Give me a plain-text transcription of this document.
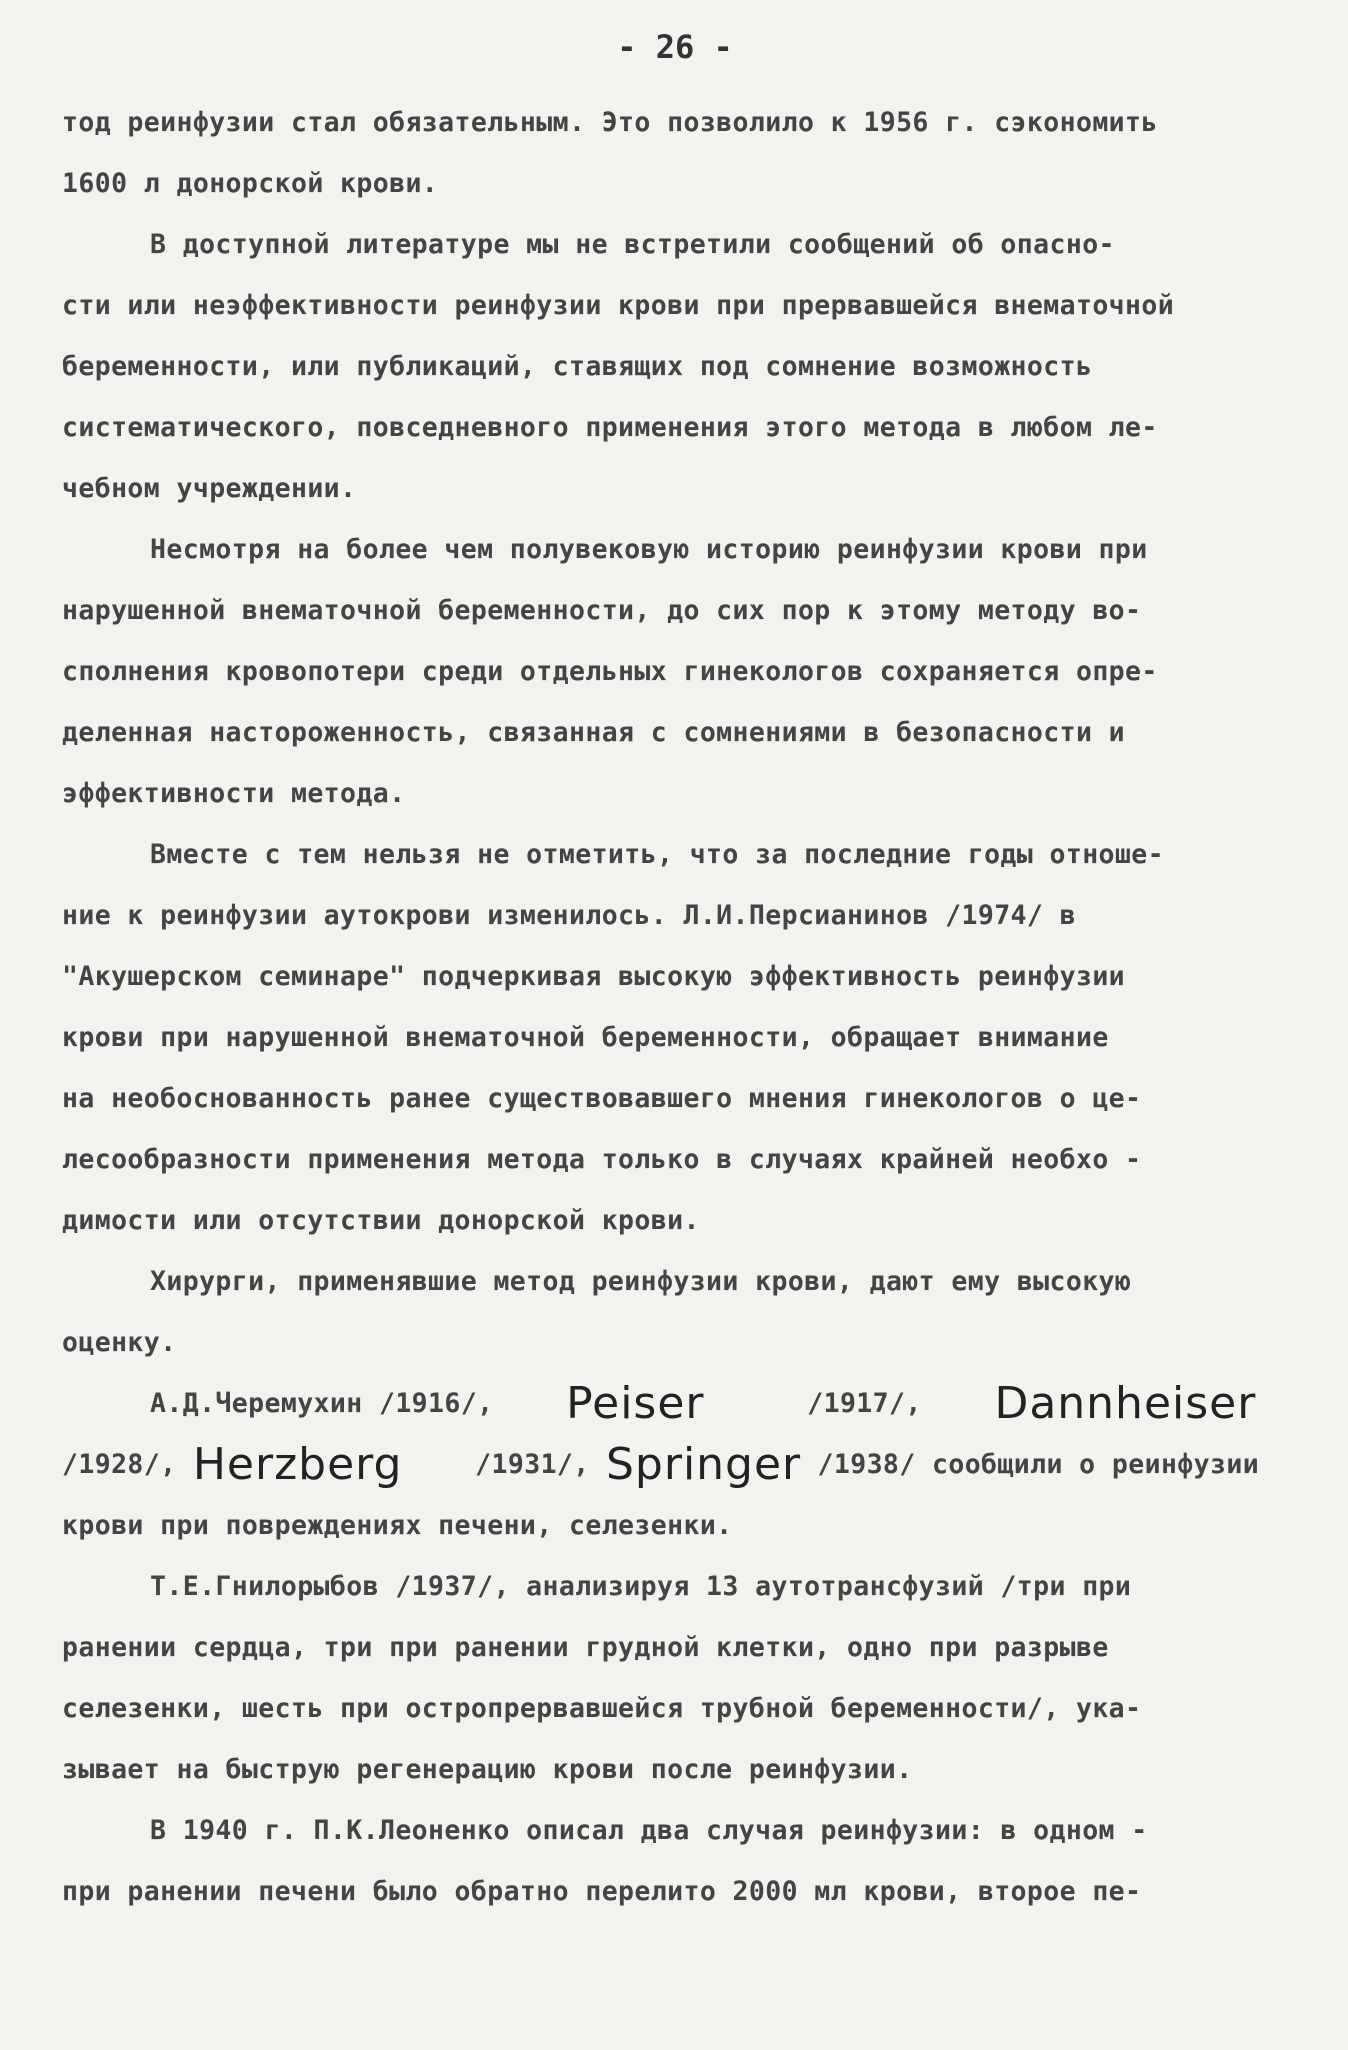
- 26 -
тод реинфузии стал обязательным. Это позволило к 1956 г. сэкономить
1600 л донорской крови.
В доступной литературе мы не встретили сообщений об опасно-
сти или неэффективности реинфузии крови при прервавшейся внематочной
беременности, или публикаций, ставящих под сомнение возможность
систематического, повседневного применения этого метода в любом ле-
чебном учреждении.
Несмотря на более чем полувековую историю реинфузии крови при
нарушенной внематочной беременности, до сих пор к этому методу во-
сполнения кровопотери среди отдельных гинекологов сохраняется опре-
деленная настороженность, связанная с сомнениями в безопасности и
эффективности метода.
Вместе с тем нельзя не отметить, что за последние годы отноше-
ние к реинфузии аутокрови изменилось. Л.И.Персианинов /1974/ в
"Акушерском семинаре" подчеркивая высокую эффективность реинфузии
крови при нарушенной внематочной беременности, обращает внимание
на необоснованность ранее существовавшего мнения гинекологов о це-
лесообразности применения метода только в случаях крайней необхо -
димости или отсутствии донорской крови.
Хирурги, применявшие метод реинфузии крови, дают ему высокую
оценку.
А.Д.Черемухин /1916/, Peiser	/1917/, Dannheiser
/1928/, Herzberg	/1931/, Springer /1938/ сообщили о реинфузии
крови при повреждениях печени, селезенки.
Т.Е.Гнилорыбов /1937/, анализируя 13 аутотрансфузий /три при
ранении сердца, три при ранении грудной клетки, одно при разрыве
селезенки, шесть при остропрервавшейся трубной беременности/, ука-
зывает на быструю регенерацию крови после реинфузии.
В 1940 г. П.К.Леоненко описал два случая реинфузии: в одном -
при ранении печени было обратно перелито 2000 мл крови, второе пе-
